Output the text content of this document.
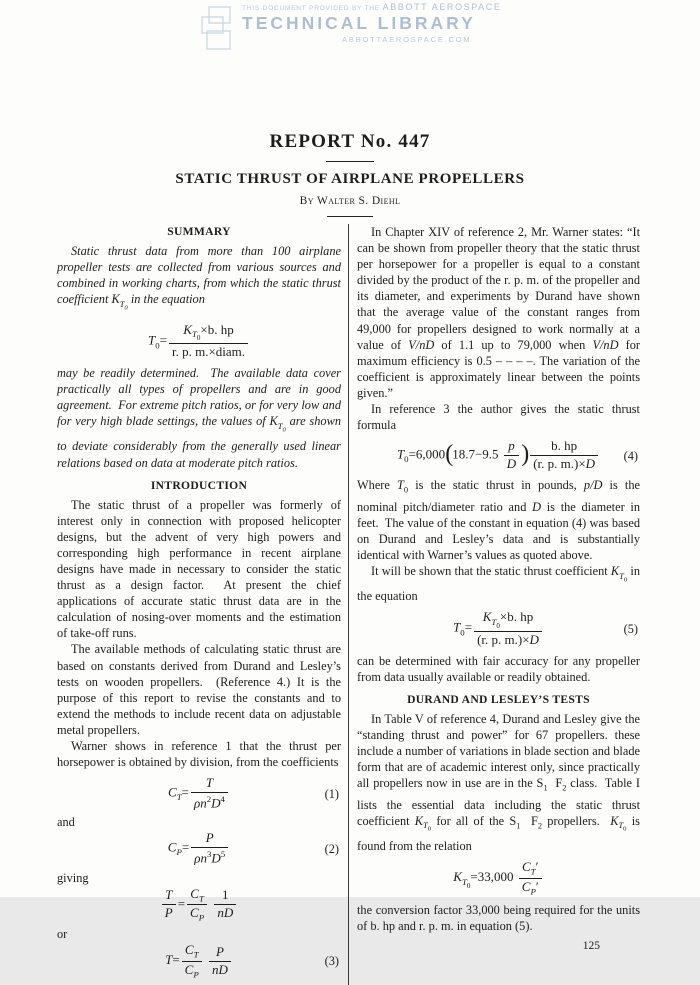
THIS DOCUMENT PROVIDED BY THE ABBOTT AEROSPACE
TECHNICAL LIBRARY
ABBOTTAEROSPACE.COM
REPORT No. 447
STATIC THRUST OF AIRPLANE PROPELLERS
By Walter S. Diehl
SUMMARY

Static thrust data from more than 100 airplane propeller tests are collected from various sources and combined in working charts, from which the static thrust coefficient $K_{T_0}$ in the equation

$T_0= \frac{K_{T_0}\times b. hp}{\text{r. p. m.×diam.}}$

may be readily determined.  The available data cover practically all types of propellers and are in good agreement.  For extreme pitch ratios, or for very low and for very high blade settings, the values of $K_{T_0}$ are shown to deviate considerably from the generally used linear relations based on data at moderate pitch ratios.

INTRODUCTION

The static thrust of a propeller was formerly of interest only in connection with proposed helicopter designs, but the advent of very high powers and corresponding high performance in recent airplane designs have made in necessary to consider the static thrust as a design factor.  At present the chief applications of accurate static thrust data are in the calculation of nosing-over moments and the estimation of take-off runs.

The available methods of calculating static thrust are based on constants derived from Durand and Lesley’s tests on wooden propellers.  (Reference 4.) It is the purpose of this report to revise the constants and to extend the methods to include recent data on adjustable metal propellers.

Warner shows in reference 1 that the thrust per horsepower is obtained by division, from the coefficients

$C_T= \frac{T}{\rho n^2D^4}$	(1)
and
$C_P= \frac{P}{\rho n^3D^5}$	(2)
giving
$\frac{T}{P} = \frac{C_T}{C_P}$
$\frac{1}{nD}$
or
$T= \frac{C_T}{C_P}$
$\frac{P}{nD}$	(3)

In Chapter XIV of reference 2, Mr. Warner states: “It can be shown from propeller theory that the static thrust per horsepower for a propeller is equal to a constant divided by the product of the r. p. m. of the propeller and its diameter, and experiments by Durand have shown that the average value of the constant ranges from 49,000 for propellers designed to work normally at a value of V/nD of 1.1 up to 79,000 when V/nD for maximum efficiency is 0.5 – – – –. The variation of the coefficient is approximately linear between the points given.”

In reference 3 the author gives the static thrust formula

$T_0=6,000(18.7-9.5 \frac{p}{D}$ ) $\frac{b. hp}{(r. p. m.)\times D} (4)$

Where $T_0$ is the static thrust in pounds, p/D is the nominal pitch/diameter ratio and D is the diameter in feet.  The value of the constant in equation (4) was based on Durand and Lesley’s data and is substantially identical with Warner’s values as quoted above.

It will be shown that the static thrust coefficient $K_{T_0}$ in the equation

$T_0= \frac{K_{T_0}\times b. hp}{(r. p. m.)\times D}$	(5)

can be determined with fair accuracy for any propeller from data usually available or readily obtained.

DURAND AND LESLEY’S TESTS

In Table V of reference 4, Durand and Lesley give the “standing thrust and power” for 67 propellers. these include a number of variations in blade section and blade form that are of academic interest only, since practically all propellers now in use are in the $S_1$  $F_2$ class.  Table I lists the essential data including the static thrust coefficient $K_{T_0}$ for all of the $S_1$  $F_2$ propellers.  $K_{T_0}$ is found from the relation

$K_{T_0}=33,000 \frac{C_T'}{C_P'}$

the conversion factor 33,000 being required for the units of b. hp and r. p. m. in equation (5).

125
